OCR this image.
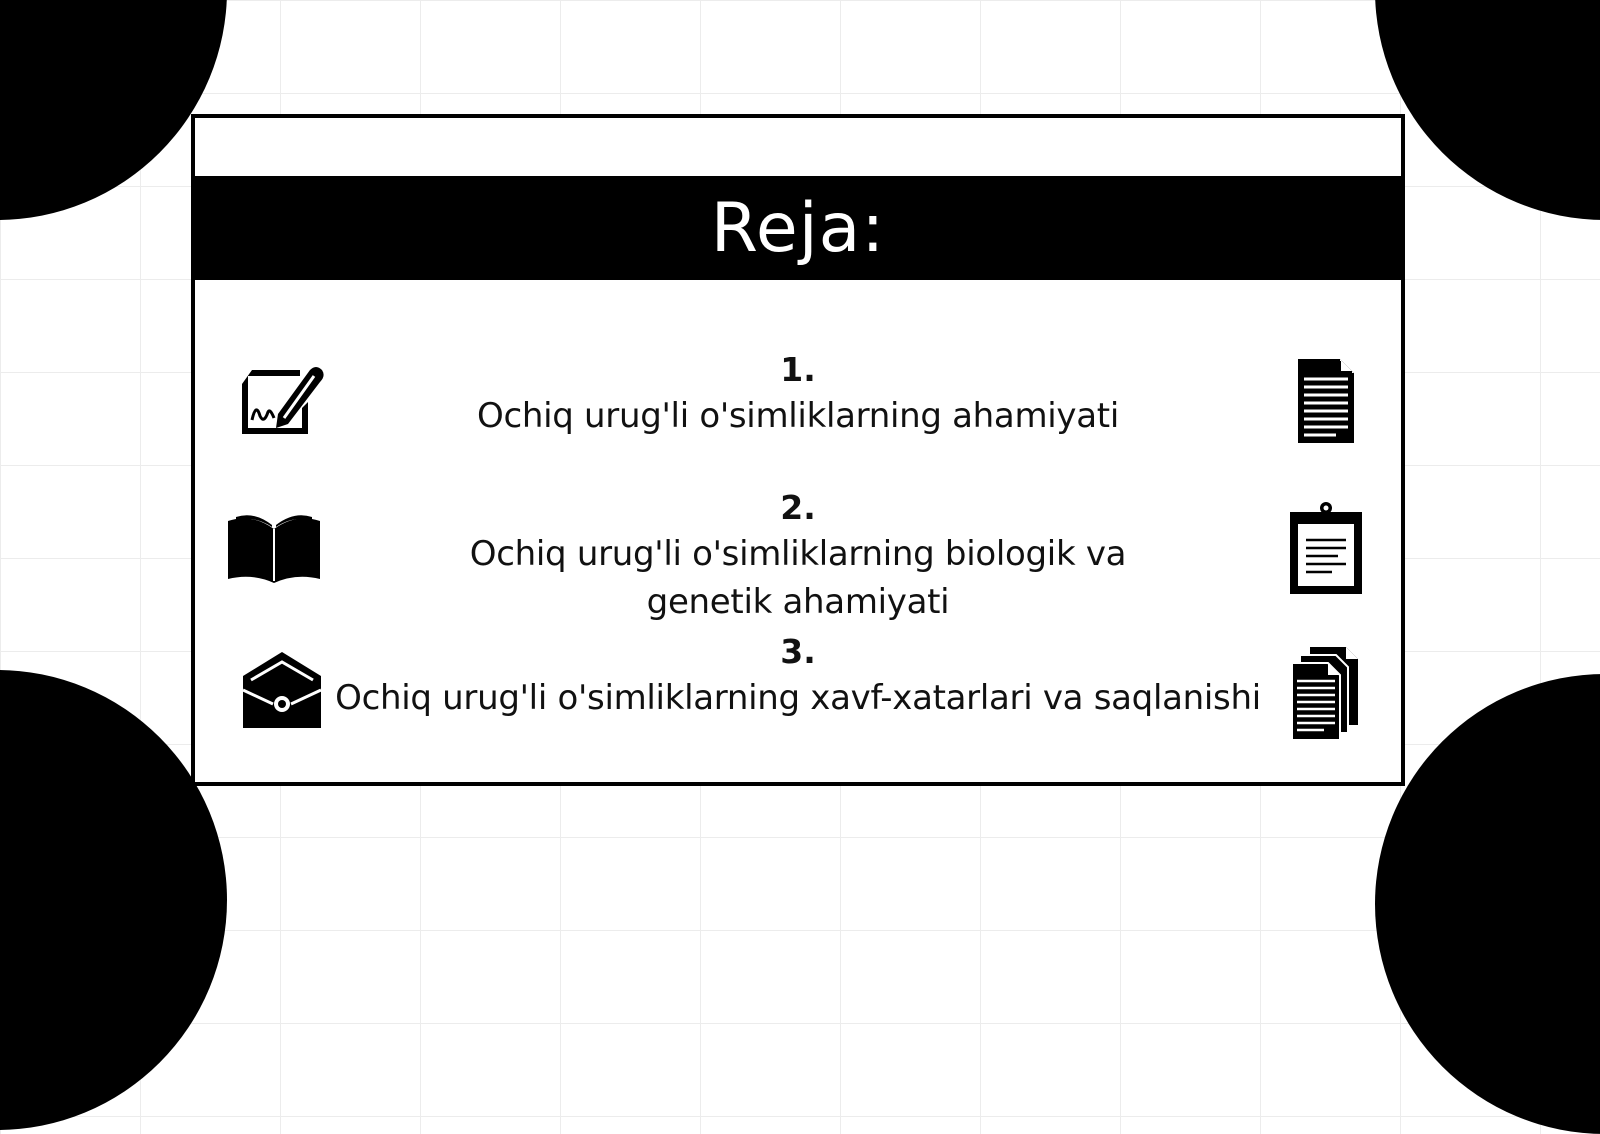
Reja:
1.
Ochiq urug'li o'simliklarning ahamiyati
2.
Ochiq urug'li o'simliklarning biologik va genetik ahamiyati
3.
Ochiq urug'li o'simliklarning xavf-xatarlari va saqlanishi
